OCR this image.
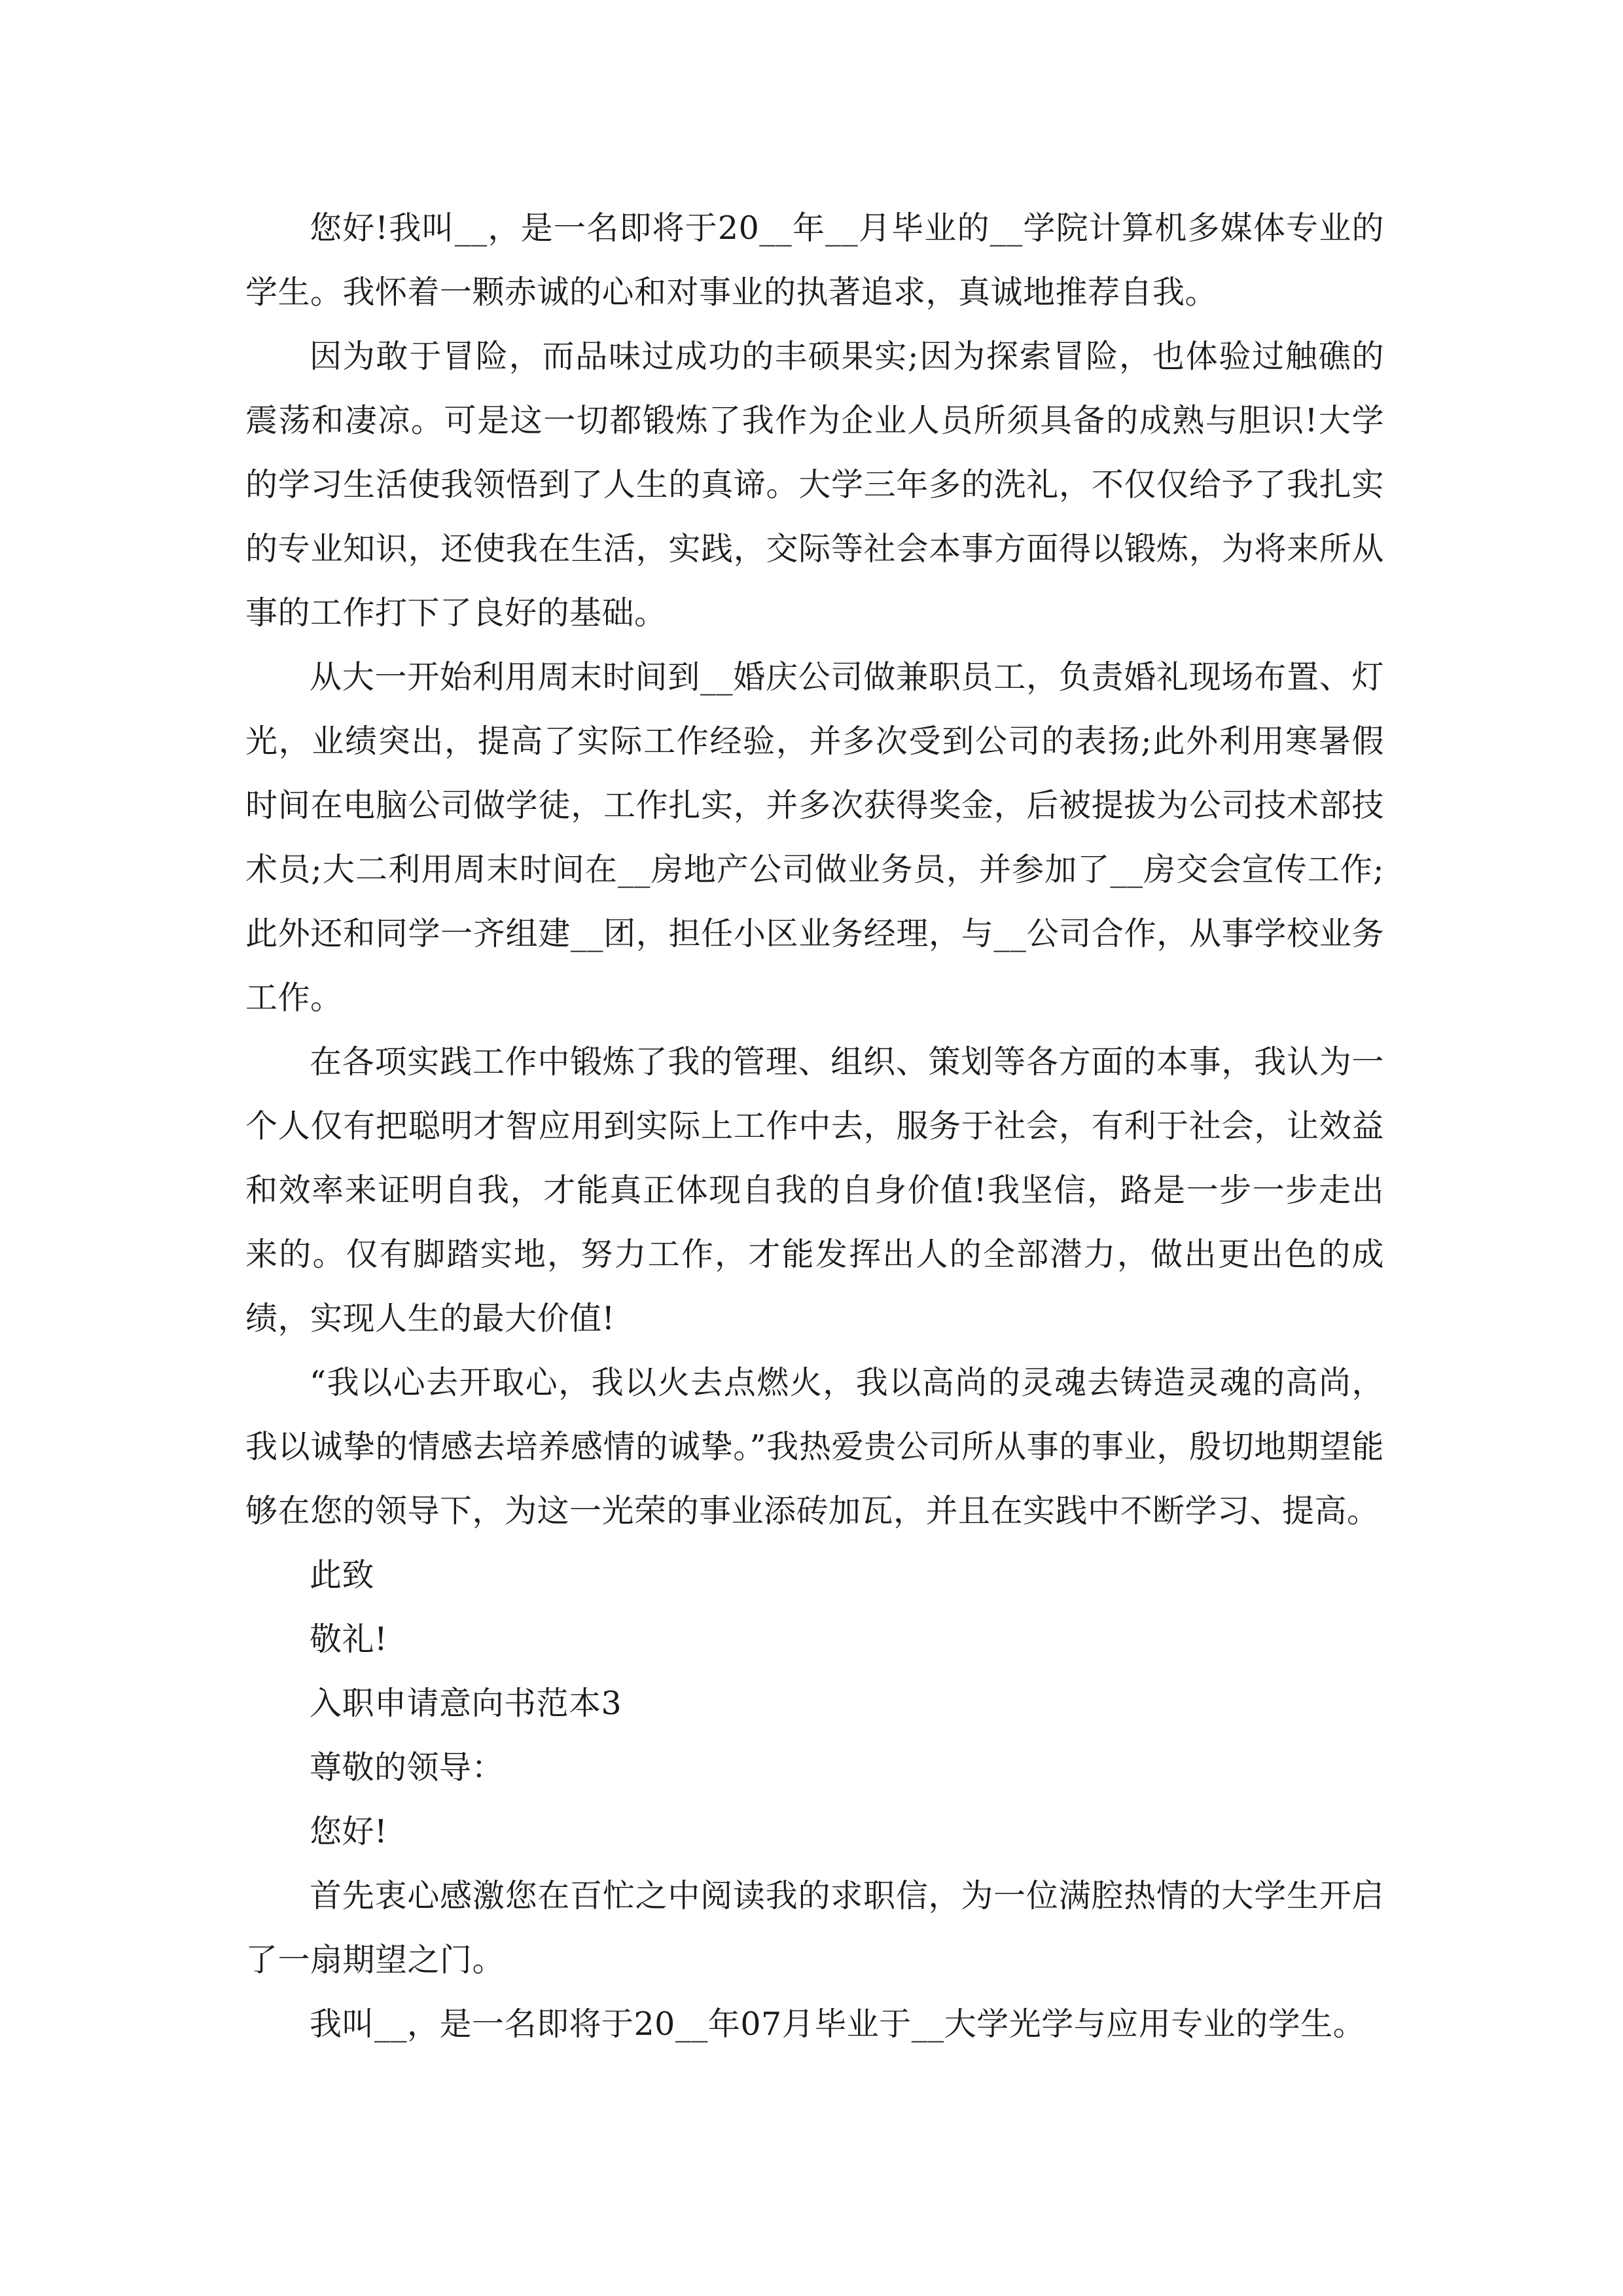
您好!我叫__，是一名即将于20__年__月毕业的__学院计算机多媒体专业的学生。我怀着一颗赤诚的心和对事业的执著追求，真诚地推荐自我。

因为敢于冒险，而品味过成功的丰硕果实;因为探索冒险，也体验过触礁的震荡和凄凉。可是这一切都锻炼了我作为企业人员所须具备的成熟与胆识!大学的学习生活使我领悟到了人生的真谛。大学三年多的洗礼，不仅仅给予了我扎实的专业知识，还使我在生活，实践，交际等社会本事方面得以锻炼，为将来所从事的工作打下了良好的基础。

从大一开始利用周末时间到__婚庆公司做兼职员工，负责婚礼现场布置、灯光，业绩突出，提高了实际工作经验，并多次受到公司的表扬;此外利用寒暑假时间在电脑公司做学徒，工作扎实，并多次获得奖金，后被提拔为公司技术部技术员;大二利用周末时间在__房地产公司做业务员，并参加了__房交会宣传工作;此外还和同学一齐组建__团，担任小区业务经理，与__公司合作，从事学校业务工作。

在各项实践工作中锻炼了我的管理、组织、策划等各方面的本事，我认为一个人仅有把聪明才智应用到实际上工作中去，服务于社会，有利于社会，让效益和效率来证明自我，才能真正体现自我的自身价值!我坚信，路是一步一步走出来的。仅有脚踏实地，努力工作，才能发挥出人的全部潜力，做出更出色的成绩，实现人生的最大价值!

“我以心去开取心，我以火去点燃火，我以高尚的灵魂去铸造灵魂的高尚，我以诚挚的情感去培养感情的诚挚。”我热爱贵公司所从事的事业，殷切地期望能够在您的领导下，为这一光荣的事业添砖加瓦，并且在实践中不断学习、提高。

此致

敬礼!

入职申请意向书范本3

尊敬的领导：

您好!

首先衷心感激您在百忙之中阅读我的求职信，为一位满腔热情的大学生开启了一扇期望之门。

我叫__，是一名即将于20__年07月毕业于__大学光学与应用专业的学生。
